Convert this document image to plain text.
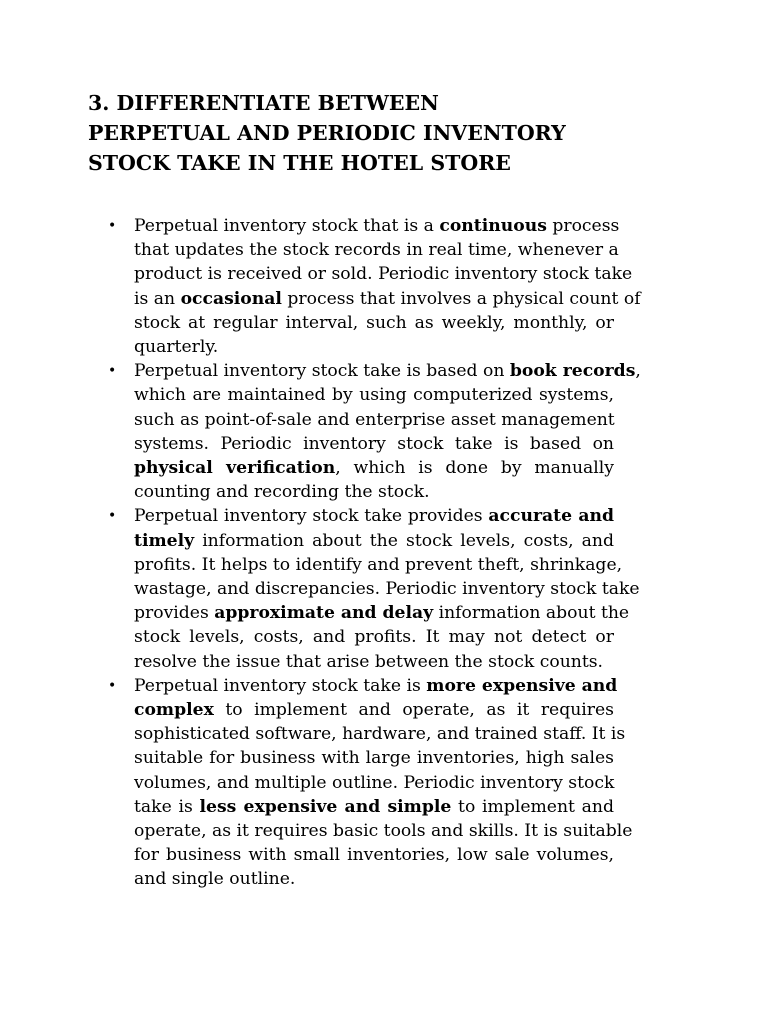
3. DIFFERENTIATE BETWEEN
PERPETUAL AND PERIODIC INVENTORY
STOCK TAKE IN THE HOTEL STORE
• Perpetual inventory stock that is a continuous process
that updates the stock records in real time, whenever a
product is received or sold. Periodic inventory stock take
is an occasional process that involves a physical count of
stock at regular interval, such as weekly, monthly, or
quarterly.
• Perpetual inventory stock take is based on book records,
which are maintained by using computerized systems,
such as point-of-sale and enterprise asset management
systems. Periodic inventory stock take is based on
physical verification, which is done by manually
counting and recording the stock.
• Perpetual inventory stock take provides accurate and
timely information about the stock levels, costs, and
profits. It helps to identify and prevent theft, shrinkage,
wastage, and discrepancies. Periodic inventory stock take
provides approximate and delay information about the
stock levels, costs, and profits. It may not detect or
resolve the issue that arise between the stock counts.
• Perpetual inventory stock take is more expensive and
complex to implement and operate, as it requires
sophisticated software, hardware, and trained staff. It is
suitable for business with large inventories, high sales
volumes, and multiple outline. Periodic inventory stock
take is less expensive and simple to implement and
operate, as it requires basic tools and skills. It is suitable
for business with small inventories, low sale volumes,
and single outline.
